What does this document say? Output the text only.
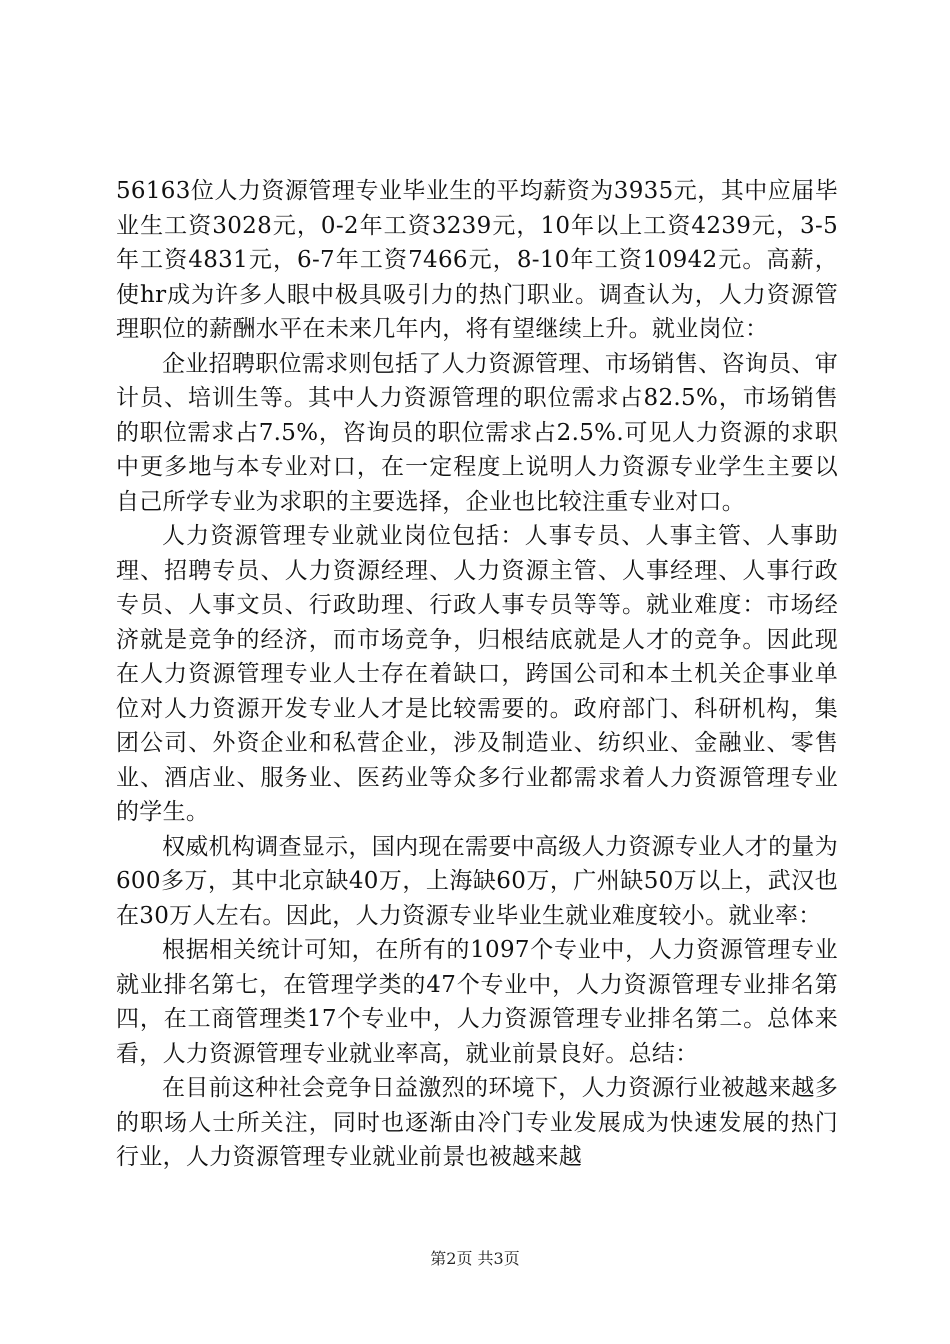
56163位人力资源管理专业毕业生的平均薪资为3935元，其中应届毕业生工资3028元，0-2年工资3239元，10年以上工资4239元，3-5年工资4831元，6-7年工资7466元，8-10年工资10942元。高薪，使hr成为许多人眼中极具吸引力的热门职业。调查认为，人力资源管理职位的薪酬水平在未来几年内，将有望继续上升。就业岗位：

企业招聘职位需求则包括了人力资源管理、市场销售、咨询员、审计员、培训生等。其中人力资源管理的职位需求占82.5%，市场销售的职位需求占7.5%，咨询员的职位需求占2.5%.可见人力资源的求职中更多地与本专业对口，在一定程度上说明人力资源专业学生主要以自己所学专业为求职的主要选择，企业也比较注重专业对口。

人力资源管理专业就业岗位包括：人事专员、人事主管、人事助理、招聘专员、人力资源经理、人力资源主管、人事经理、人事行政专员、人事文员、行政助理、行政人事专员等等。就业难度：市场经济就是竞争的经济，而市场竞争，归根结底就是人才的竞争。因此现在人力资源管理专业人士存在着缺口，跨国公司和本土机关企事业单位对人力资源开发专业人才是比较需要的。政府部门、科研机构，集团公司、外资企业和私营企业，涉及制造业、纺织业、金融业、零售业、酒店业、服务业、医药业等众多行业都需求着人力资源管理专业的学生。

权威机构调查显示，国内现在需要中高级人力资源专业人才的量为600多万，其中北京缺40万，上海缺60万，广州缺50万以上，武汉也在30万人左右。因此，人力资源专业毕业生就业难度较小。就业率：

根据相关统计可知，在所有的1097个专业中，人力资源管理专业就业排名第七，在管理学类的47个专业中，人力资源管理专业排名第四，在工商管理类17个专业中，人力资源管理专业排名第二。总体来看，人力资源管理专业就业率高，就业前景良好。总结：

在目前这种社会竞争日益激烈的环境下，人力资源行业被越来越多的职场人士所关注，同时也逐渐由冷门专业发展成为快速发展的热门行业，人力资源管理专业就业前景也被越来越

第2页 共3页
